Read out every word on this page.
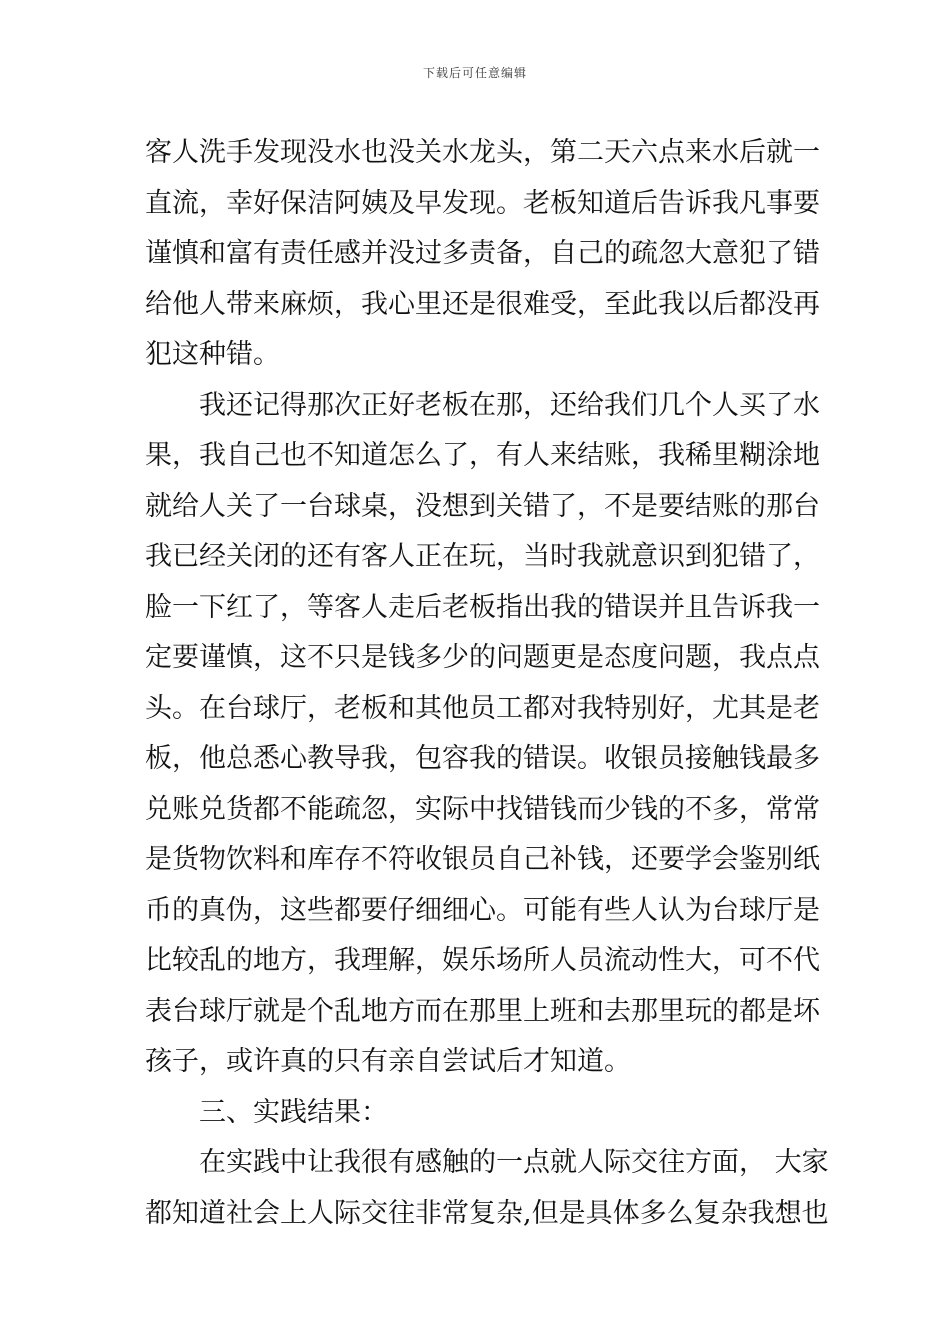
下载后可任意编辑

客人洗手发现没水也没关水龙头，第二天六点来水后就一

直流，幸好保洁阿姨及早发现。老板知道后告诉我凡事要

谨慎和富有责任感并没过多责备，自己的疏忽大意犯了错

给他人带来麻烦，我心里还是很难受，至此我以后都没再

犯这种错。

我还记得那次正好老板在那，还给我们几个人买了水

果，我自己也不知道怎么了，有人来结账，我稀里糊涂地

就给人关了一台球桌，没想到关错了，不是要结账的那台

我已经关闭的还有客人正在玩，当时我就意识到犯错了，

脸一下红了，等客人走后老板指出我的错误并且告诉我一

定要谨慎，这不只是钱多少的问题更是态度问题，我点点

头。在台球厅，老板和其他员工都对我特别好，尤其是老

板，他总悉心教导我，包容我的错误。收银员接触钱最多

兑账兑货都不能疏忽，实际中找错钱而少钱的不多，常常

是货物饮料和库存不符收银员自己补钱，还要学会鉴别纸

币的真伪，这些都要仔细细心。可能有些人认为台球厅是

比较乱的地方，我理解，娱乐场所人员流动性大，可不代

表台球厅就是个乱地方而在那里上班和去那里玩的都是坏

孩子，或许真的只有亲自尝试后才知道。

三、实践结果：

在实践中让我很有感触的一点就人际交往方面， 大家

都知道社会上人际交往非常复杂,但是具体多么复杂我想也
